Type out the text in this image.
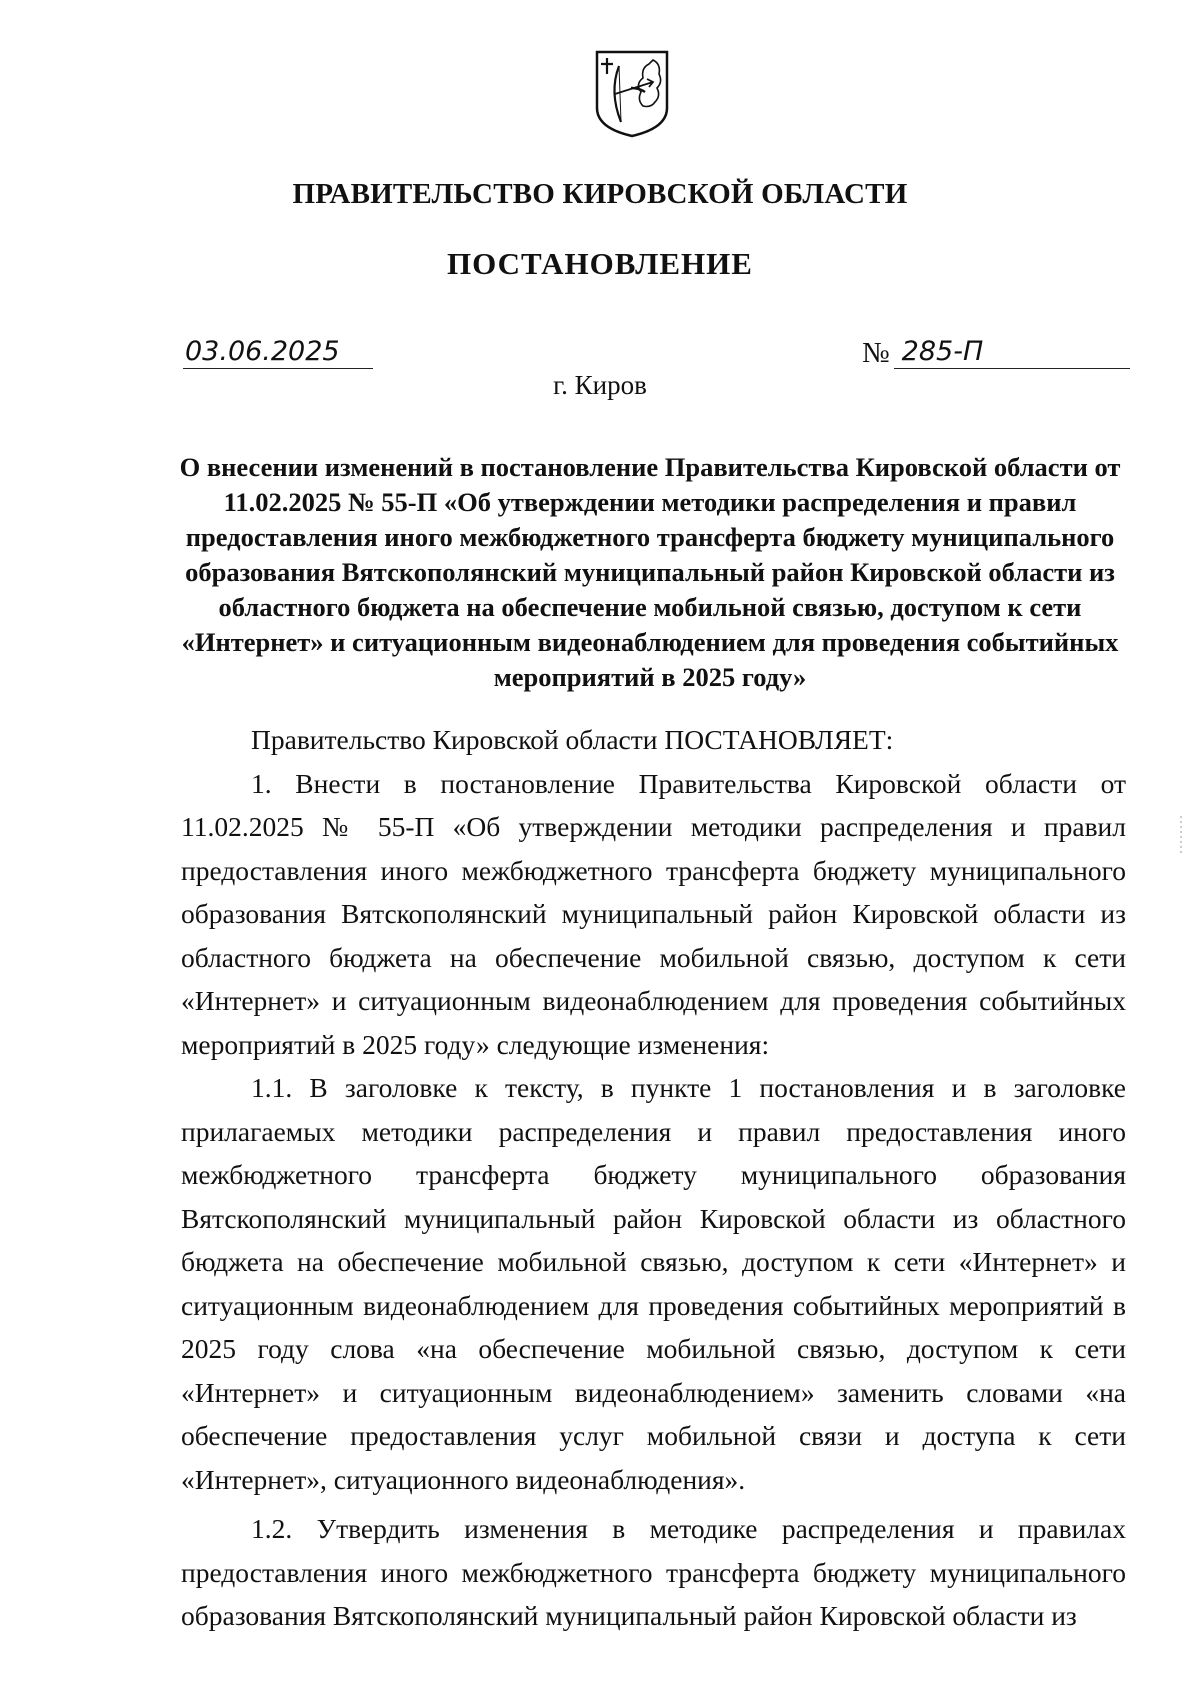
ПРАВИТЕЛЬСТВО КИРОВСКОЙ ОБЛАСТИ
ПОСТАНОВЛЕНИЕ
03.06.2025	№ 285-П
г. Киров
О внесении изменений в постановление Правительства Кировской области от 11.02.2025 № 55-П «Об утверждении методики распределения и правил предоставления иного межбюджетного трансферта бюджету муниципального образования Вятскополянский муниципальный район Кировской области из областного бюджета на обеспечение мобильной связью, доступом к сети «Интернет» и ситуационным видеонаблюдением для проведения событийных мероприятий в 2025 году»

Правительство Кировской области ПОСТАНОВЛЯЕТ:

1. Внести в постановление Правительства Кировской области от 11.02.2025 № 55-П «Об утверждении методики распределения и правил предоставления иного межбюджетного трансферта бюджету муниципального образования Вятскополянский муниципальный район Кировской области из областного бюджета на обеспечение мобильной связью, доступом к сети «Интернет» и ситуационным видеонаблюдением для проведения событийных мероприятий в 2025 году» следующие изменения:

1.1. В заголовке к тексту, в пункте 1 постановления и в заголовке прилагаемых методики распределения и правил предоставления иного межбюджетного трансферта бюджету муниципального образования Вятскополянский муниципальный район Кировской области из областного бюджета на обеспечение мобильной связью, доступом к сети «Интернет» и ситуационным видеонаблюдением для проведения событийных мероприятий в 2025 году слова «на обеспечение мобильной связью, доступом к сети «Интернет» и ситуационным видеонаблюдением» заменить словами «на обеспечение предоставления услуг мобильной связи и доступа к сети «Интернет», ситуационного видеонаблюдения».

1.2. Утвердить изменения в методике распределения и правилах предоставления иного межбюджетного трансферта бюджету муниципального образования Вятскополянский муниципальный район Кировской области из
